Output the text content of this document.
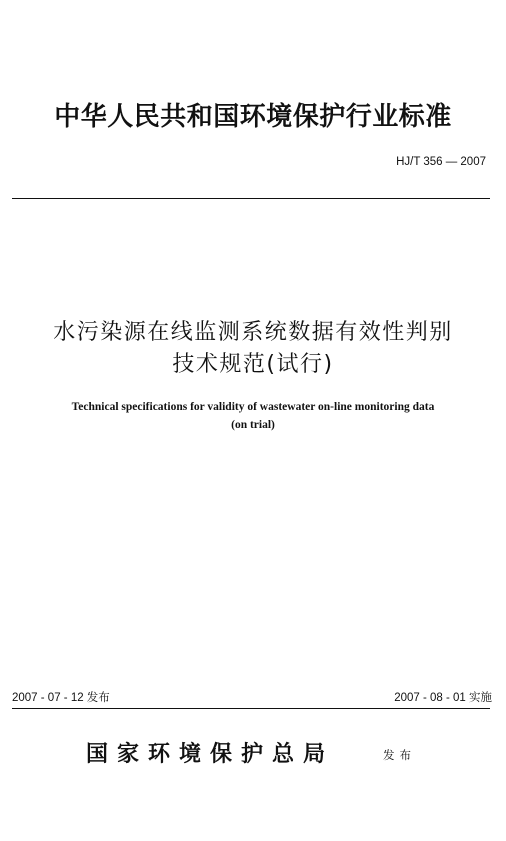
中华人民共和国环境保护行业标准
HJ/T 356 — 2007
水污染源在线监测系统数据有效性判别
技术规范(试行)
Technical specifications for validity of wastewater on-line monitoring data
(on trial)
2007 - 07 - 12 发布	2007 - 08 - 01 实施
国家环境保护总局	发布
